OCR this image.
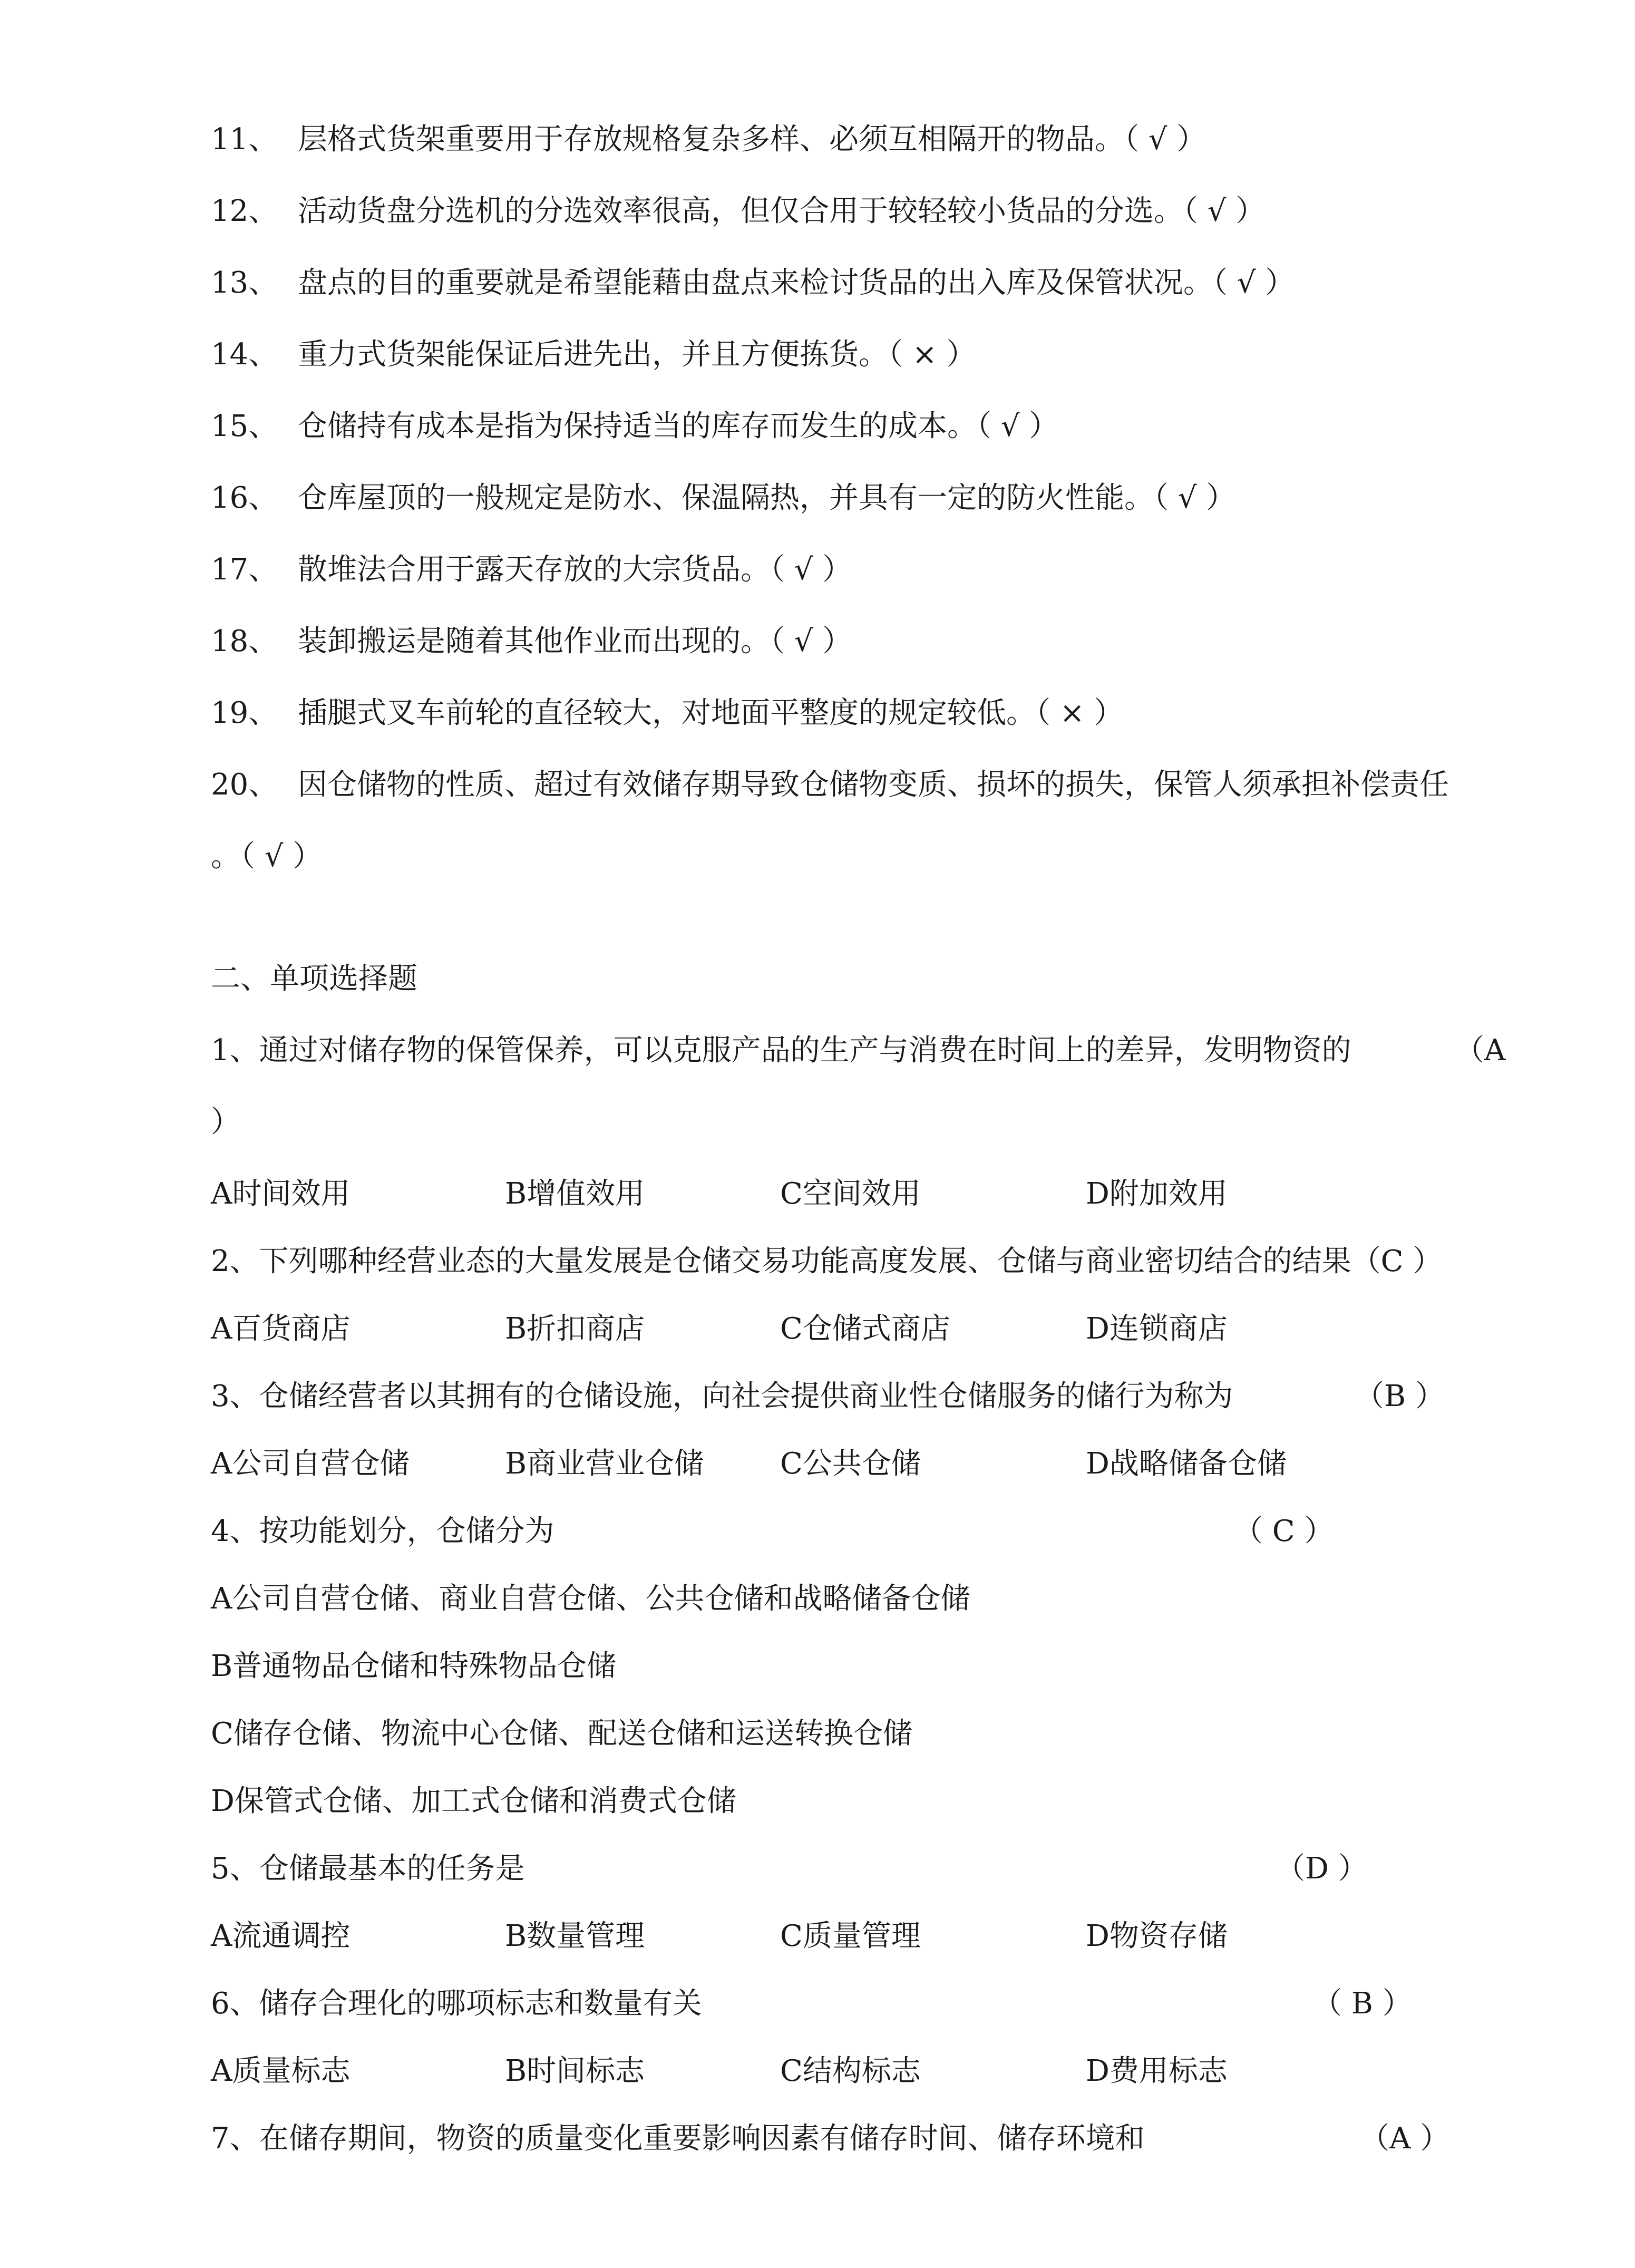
11、 层格式货架重要用于存放规格复杂多样、必须互相隔开的物品。（ √ ）
12、 活动货盘分选机的分选效率很高，但仅合用于较轻较小货品的分选。（ √ ）
13、 盘点的目的重要就是希望能藉由盘点来检讨货品的出入库及保管状况。（ √ ）
14、 重力式货架能保证后进先出，并且方便拣货。（ × ）
15、 仓储持有成本是指为保持适当的库存而发生的成本。（ √ ）
16、 仓库屋顶的一般规定是防水、保温隔热，并具有一定的防火性能。（ √ ）
17、 散堆法合用于露天存放的大宗货品。（ √ ）
18、 装卸搬运是随着其他作业而出现的。（ √ ）
19、 插腿式叉车前轮的直径较大，对地面平整度的规定较低。（ × ）
20、 因仓储物的性质、超过有效储存期导致仓储物变质、损坏的损失，保管人须承担补偿责任
。（ √ ）
二、单项选择题
1、通过对储存物的保管保养，可以克服产品的生产与消费在时间上的差异，发明物资的	（A
）
A时间效用	B增值效用	C空间效用	D附加效用
2、下列哪种经营业态的大量发展是仓储交易功能高度发展、仓储与商业密切结合的结果（C ）
A百货商店	B折扣商店	C仓储式商店	D连锁商店
3、仓储经营者以其拥有的仓储设施，向社会提供商业性仓储服务的储行为称为	（B ）
A公司自营仓储	B商业营业仓储	C公共仓储	D战略储备仓储
4、按功能划分，仓储分为	（ C ）
A公司自营仓储、商业自营仓储、公共仓储和战略储备仓储
B普通物品仓储和特殊物品仓储
C储存仓储、物流中心仓储、配送仓储和运送转换仓储
D保管式仓储、加工式仓储和消费式仓储
5、仓储最基本的任务是	（D ）
A流通调控	B数量管理	C质量管理	D物资存储
6、储存合理化的哪项标志和数量有关	（ B ）
A质量标志	B时间标志	C结构标志	D费用标志
7、在储存期间，物资的质量变化重要影响因素有储存时间、储存环境和	（A ）
